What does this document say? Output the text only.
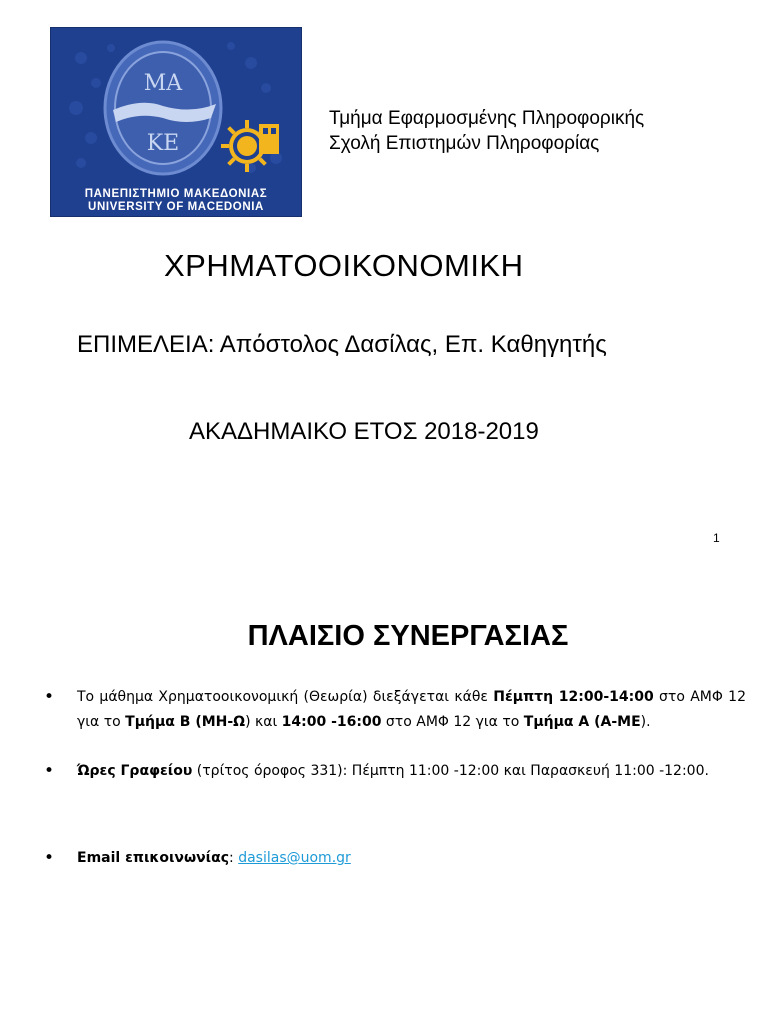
ΜΑ
ΚΕ
ΠΑΝΕΠΙΣΤΗΜΙΟ ΜΑΚΕΔΟΝΙΑΣ
UNIVERSITY OF MACEDONIA
Τμήμα Εφαρμοσμένης Πληροφορικής
Σχολή Επιστημών Πληροφορίας
ΧΡΗΜΑΤΟΟΙΚΟΝΟΜΙΚΗ
ΕΠΙΜΕΛΕΙΑ: Απόστολος Δασίλας, Επ. Καθηγητής
ΑΚΑΔΗΜΑΙΚΟ ΕΤΟΣ 2018-2019
1
ΠΛΑΙΣΙΟ ΣΥΝΕΡΓΑΣΙΑΣ
• Το μάθημα Χρηματοοικονομική (Θεωρία) διεξάγεται κάθε Πέμπτη 12:00-14:00 στο ΑΜΦ 12 για το Τμήμα Β (ΜΗ-Ω) και 14:00 -16:00 στο ΑΜΦ 12 για το Τμήμα Α (Α-ΜΕ).
• Ώρες Γραφείου (τρίτος όροφος 331): Πέμπτη 11:00 -12:00 και Παρασκευή 11:00 -12:00.
• Email επικοινωνίας: dasilas@uom.gr
